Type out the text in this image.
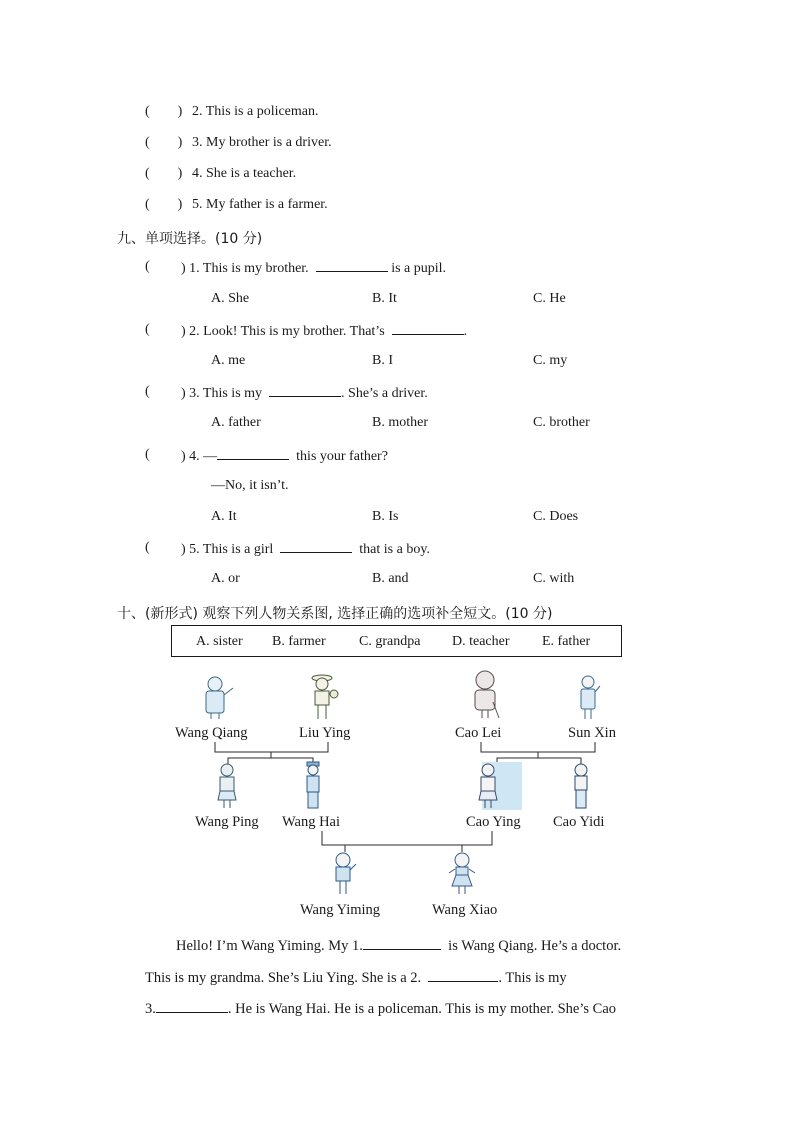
( ) 2. This is a policeman.
( ) 3. My brother is a driver.
( ) 4. She is a teacher.
( ) 5. My father is a farmer.
九、单项选择。(10 分)
( ) 1. This is my brother.	is a pupil.
A. She	B. It	C. He
( ) 2. Look! This is my brother. That’s	.
A. me	B. I	C. my
( ) 3. This is my	. She’s a driver.
A. father	B. mother	C. brother
( ) 4. —	this your father?
—No, it isn’t.
A. It	B. Is	C. Does
( ) 5. This is a girl	that is a boy.
A. or	B. and	C. with
十、(新形式) 观察下列人物关系图, 选择正确的选项补全短文。(10 分)
A. sister B. farmer C. grandpa D. teacher E. father
Wang Qiang	Liu Ying	Cao Lei	Sun Xin
Wang Ping Wang Hai	Cao Ying Cao Yidi
Wang Yiming	Wang Xiao
Hello! I’m Wang Yiming. My 1.	is Wang Qiang. He’s a doctor.
This is my grandma. She’s Liu Ying. She is a 2.	. This is my
3.	. He is Wang Hai. He is a policeman. This is my mother. She’s Cao
